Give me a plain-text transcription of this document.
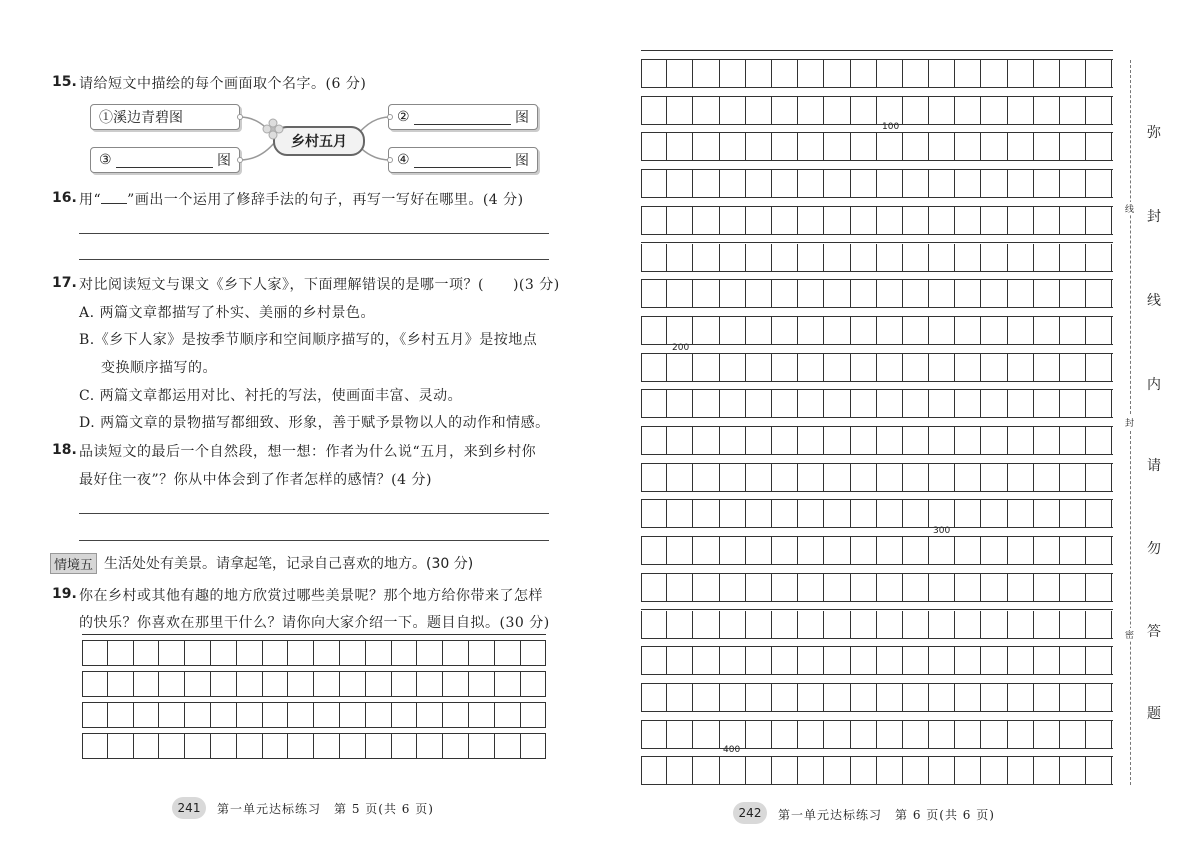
15. 请给短文中描绘的每个画面取个名字。(6 分)
①溪边青碧图	②	图
③	图	④	图
乡村五月
16. 用“ ”画出一个运用了修辞手法的句子，再写一写好在哪里。(4 分)
17. 对比阅读短文与课文《乡下人家》，下面理解错误的是哪一项？(　　)(3 分)
A. 两篇文章都描写了朴实、美丽的乡村景色。
B.《乡下人家》是按季节顺序和空间顺序描写的，《乡村五月》是按地点
变换顺序描写的。
C. 两篇文章都运用对比、衬托的写法，使画面丰富、灵动。
D. 两篇文章的景物描写都细致、形象，善于赋予景物以人的动作和情感。
18. 品读短文的最后一个自然段，想一想：作者为什么说“五月，来到乡村你
最好住一夜”？你从中体会到了作者怎样的感情？(4 分)
情境五 生活处处有美景。请拿起笔，记录自己喜欢的地方。(30 分)
19. 你在乡村或其他有趣的地方欣赏过哪些美景呢？那个地方给你带来了怎样
的快乐？你喜欢在那里干什么？请你向大家介绍一下。题目自拟。(30 分)
241 第一单元达标练习　第 5 页(共 6 页)
100
200
300
400
242 第一单元达标练习　第 6 页(共 6 页)
线
封
密
弥
封
线
内
请
勿
答
题
